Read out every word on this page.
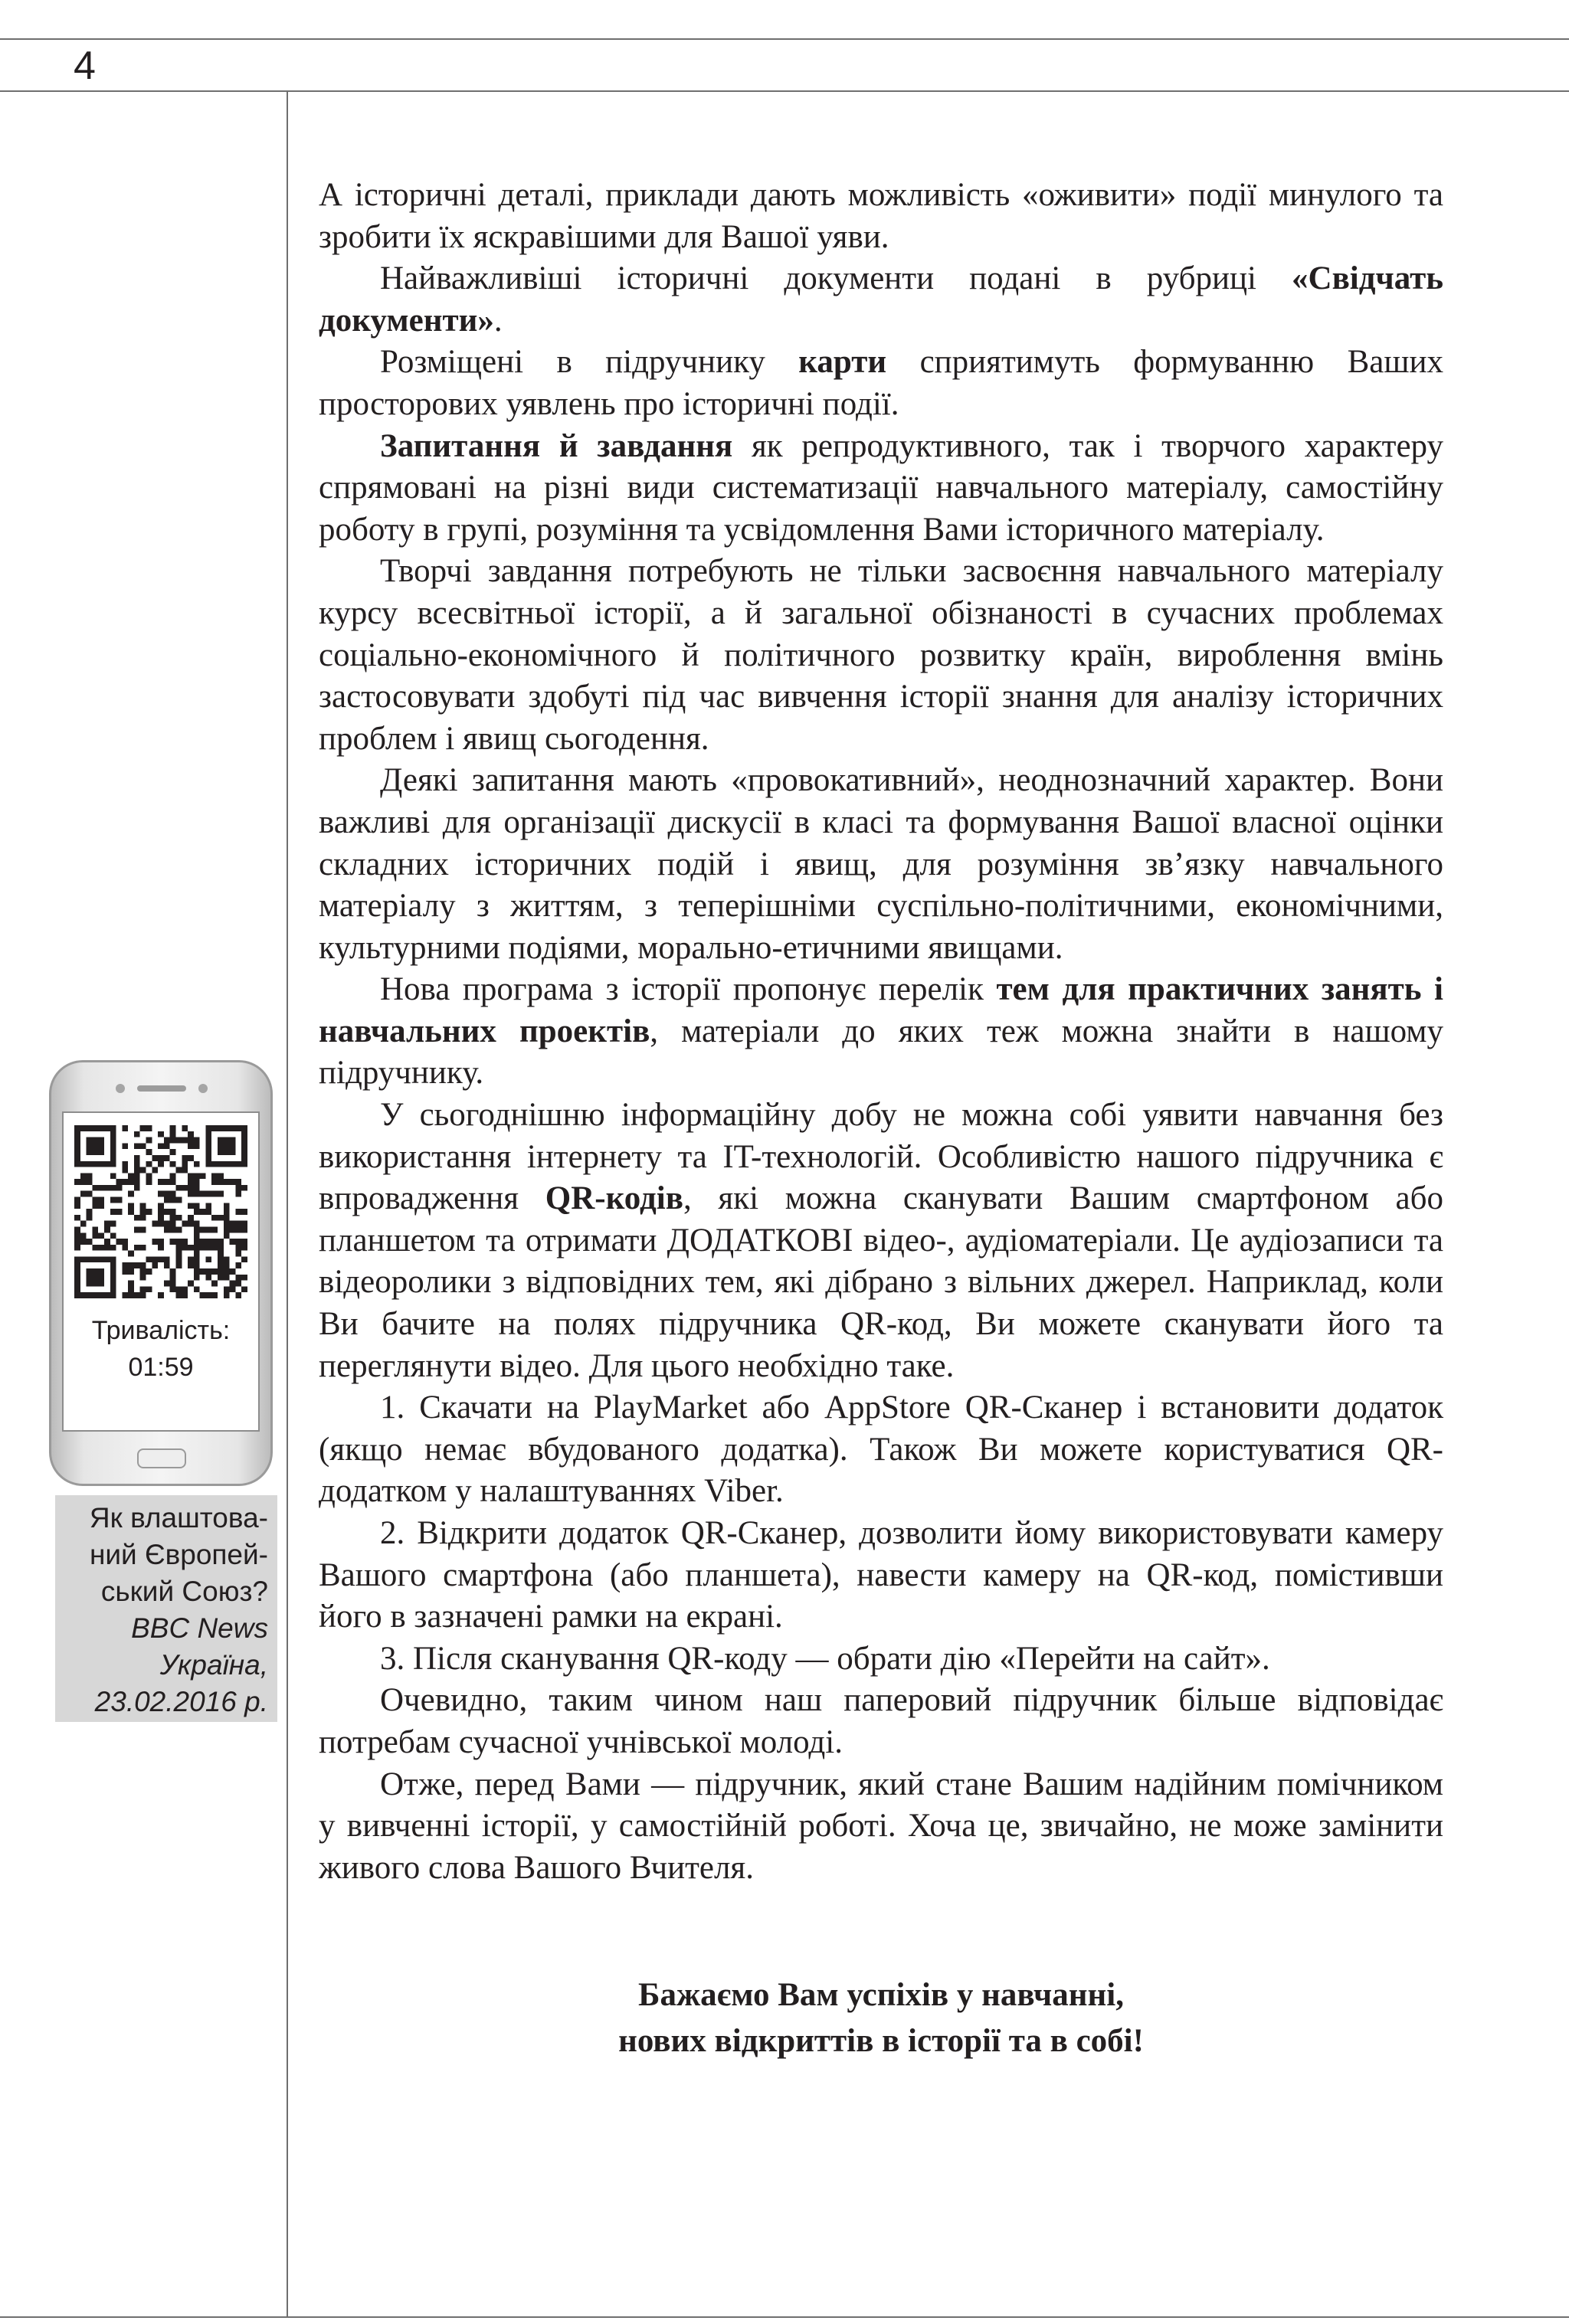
4

А історичні деталі, приклади дають можливість «оживити» події минулого та зробити їх яскравішими для Вашої уяви.

Найважливіші історичні документи подані в рубриці «Свідчать документи».

Розміщені в підручнику карти сприятимуть формуванню Ваших просторових уявлень про історичні події.

Запитання й завдання як репродуктивного, так і творчого характеру спрямовані на різні види систематизації навчального матеріалу, самостійну роботу в групі, розуміння та усвідомлення Вами історичного матеріалу.

Творчі завдання потребують не тільки засвоєння навчального матеріалу курсу всесвітньої історії, а й загальної обізнаності в сучасних проблемах соціально-економічного й політичного розвитку країн, вироблення вмінь застосовувати здобуті під час вивчення історії знання для аналізу історичних проблем і явищ сьогодення.

Деякі запитання мають «провокативний», неоднозначний характер. Вони важливі для організації дискусії в класі та формування Вашої власної оцінки складних історичних подій і явищ, для розуміння зв’язку навчального матеріалу з життям, з теперішніми суспільно-політичними, економічними, культурними подіями, морально-етичними явищами.

Нова програма з історії пропонує перелік тем для практичних занять і навчальних проектів, матеріали до яких теж можна знайти в нашому підручнику.

У сьогоднішню інформаційну добу не можна собі уявити навчання без використання інтернету та IT-технологій. Особливістю нашого підручника є впровадження QR-кодів, які можна сканувати Вашим смартфоном або планшетом та отримати ДОДАТКОВІ відео-, аудіоматеріали. Це аудіозаписи та відеоролики з відповідних тем, які дібрано з вільних джерел. Наприклад, коли Ви бачите на полях підручника QR-код, Ви можете сканувати його та переглянути відео. Для цього необхідно таке.

1. Скачати на PlayMarket або AppStore QR-Сканер і встановити додаток (якщо немає вбудованого додатка). Також Ви можете користуватися QR-додатком у налаштуваннях Viber.

2. Відкрити додаток QR-Сканер, дозволити йому використовувати камеру Вашого смартфона (або планшета), навести камеру на QR-код, помістивши його в зазначені рамки на екрані.

3. Після сканування QR-коду — обрати дію «Перейти на сайт».

Очевидно, таким чином наш паперовий підручник більше відповідає потребам сучасної учнівської молоді.

Отже, перед Вами — підручник, який стане Вашим надійним помічником у вивченні історії, у самостійній роботі. Хоча це, звичайно, не може замінити живого слова Вашого Вчителя.

Бажаємо Вам успіхів у навчанні,
нових відкриттів в історії та в собі!
Тривалість:
01:59
Як влаштова-
ний Європей-
ський Союз?
BBC News
Україна,
23.02.2016 р.
